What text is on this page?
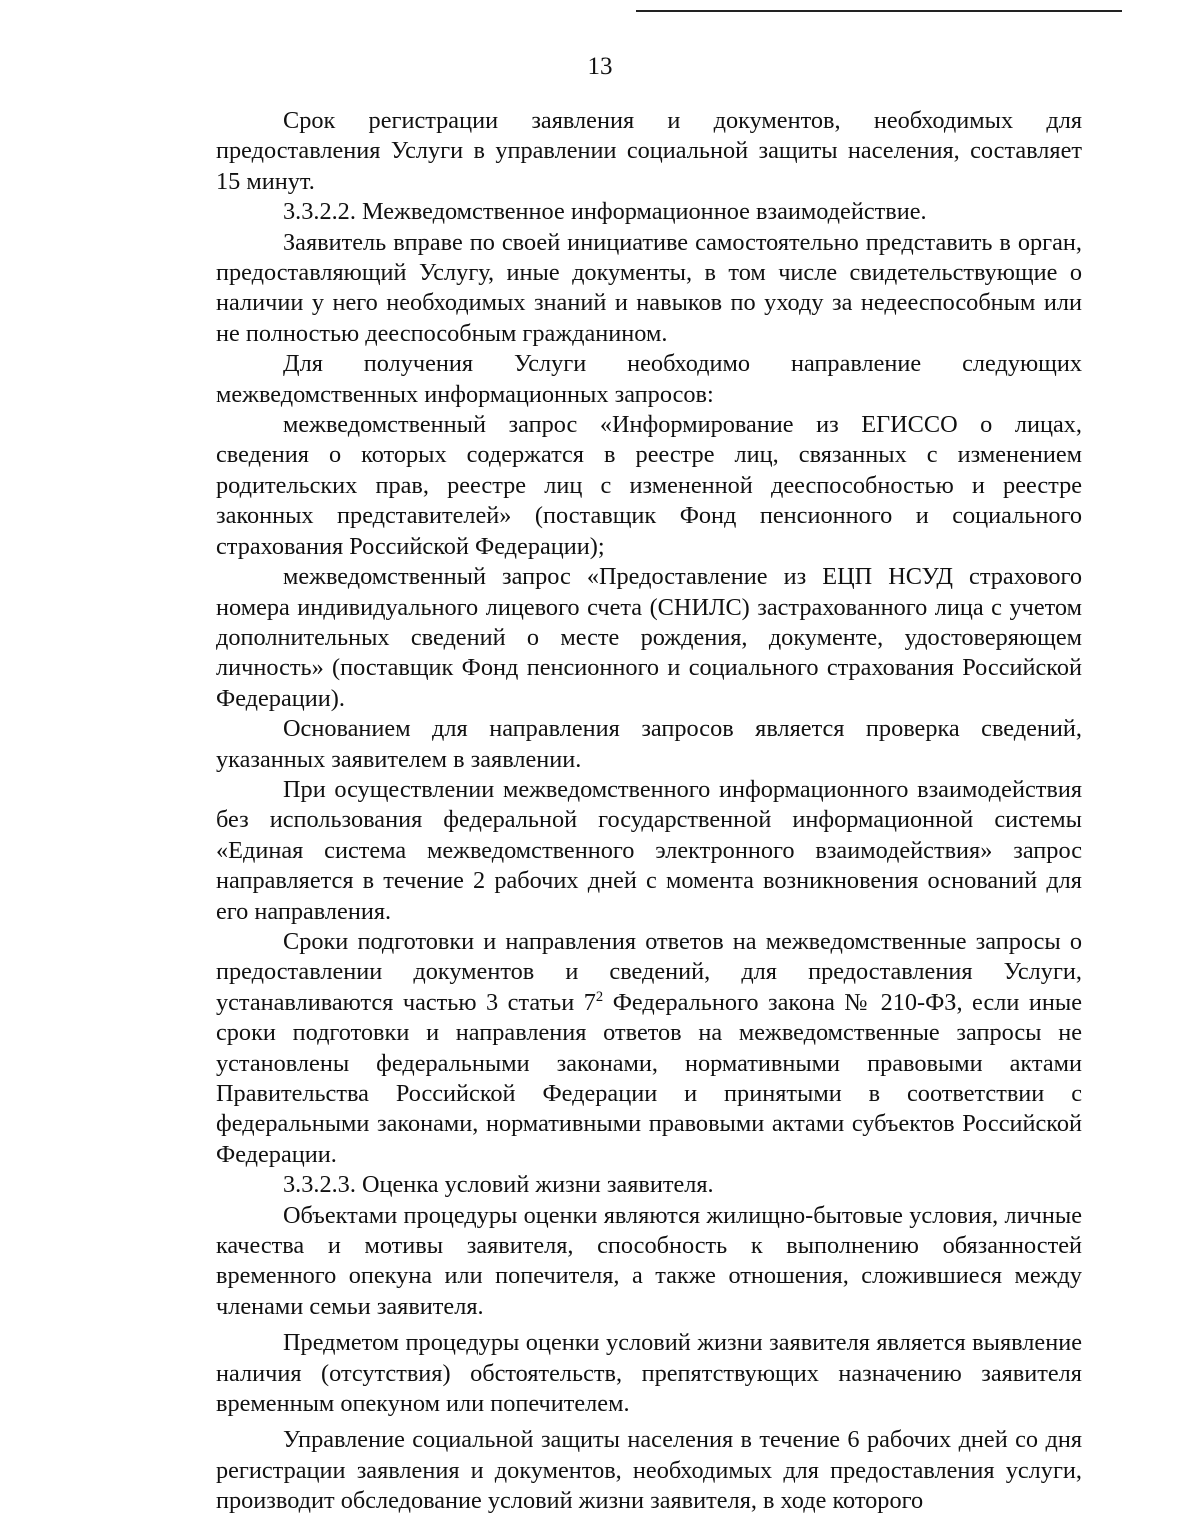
13

Срок регистрации заявления и документов, необходимых для предоставления Услуги в управлении социальной защиты населения, составляет 15 минут.

3.3.2.2. Межведомственное информационное взаимодействие.

Заявитель вправе по своей инициативе самостоятельно представить в орган, предоставляющий Услугу, иные документы, в том числе свидетельствующие о наличии у него необходимых знаний и навыков по уходу за недееспособным или не полностью дееспособным гражданином.

Для получения Услуги необходимо направление следующих межведомственных информационных запросов:

межведомственный запрос «Информирование из ЕГИССО о лицах, сведения о которых содержатся в реестре лиц, связанных с изменением родительских прав, реестре лиц с измененной дееспособностью и реестре законных представителей» (поставщик Фонд пенсионного и социального страхования Российской Федерации);

межведомственный запрос «Предоставление из ЕЦП НСУД страхового номера индивидуального лицевого счета (СНИЛС) застрахованного лица с учетом дополнительных сведений о месте рождения, документе, удостоверяющем личность» (поставщик Фонд пенсионного и социального страхования Российской Федерации).

Основанием для направления запросов является проверка сведений, указанных заявителем в заявлении.

При осуществлении межведомственного информационного взаимодействия без использования федеральной государственной информационной системы «Единая система межведомственного электронного взаимодействия» запрос направляется в течение 2 рабочих дней с момента возникновения оснований для его направления.

Сроки подготовки и направления ответов на межведомственные запросы о предоставлении документов и сведений, для предоставления Услуги, устанавливаются частью 3 статьи $7^2$ Федерального закона № 210-ФЗ, если иные сроки подготовки и направления ответов на межведомственные запросы не установлены федеральными законами, нормативными правовыми актами Правительства Российской Федерации и принятыми в соответствии с федеральными законами, нормативными правовыми актами субъектов Российской Федерации.

3.3.2.3. Оценка условий жизни заявителя.

Объектами процедуры оценки являются жилищно-бытовые условия, личные качества и мотивы заявителя, способность к выполнению обязанностей временного опекуна или попечителя, а также отношения, сложившиеся между членами семьи заявителя.

Предметом процедуры оценки условий жизни заявителя является выявление наличия (отсутствия) обстоятельств, препятствующих назначению заявителя временным опекуном или попечителем.

Управление социальной защиты населения в течение 6 рабочих дней со дня регистрации заявления и документов, необходимых для предоставления услуги, производит обследование условий жизни заявителя, в ходе которого
